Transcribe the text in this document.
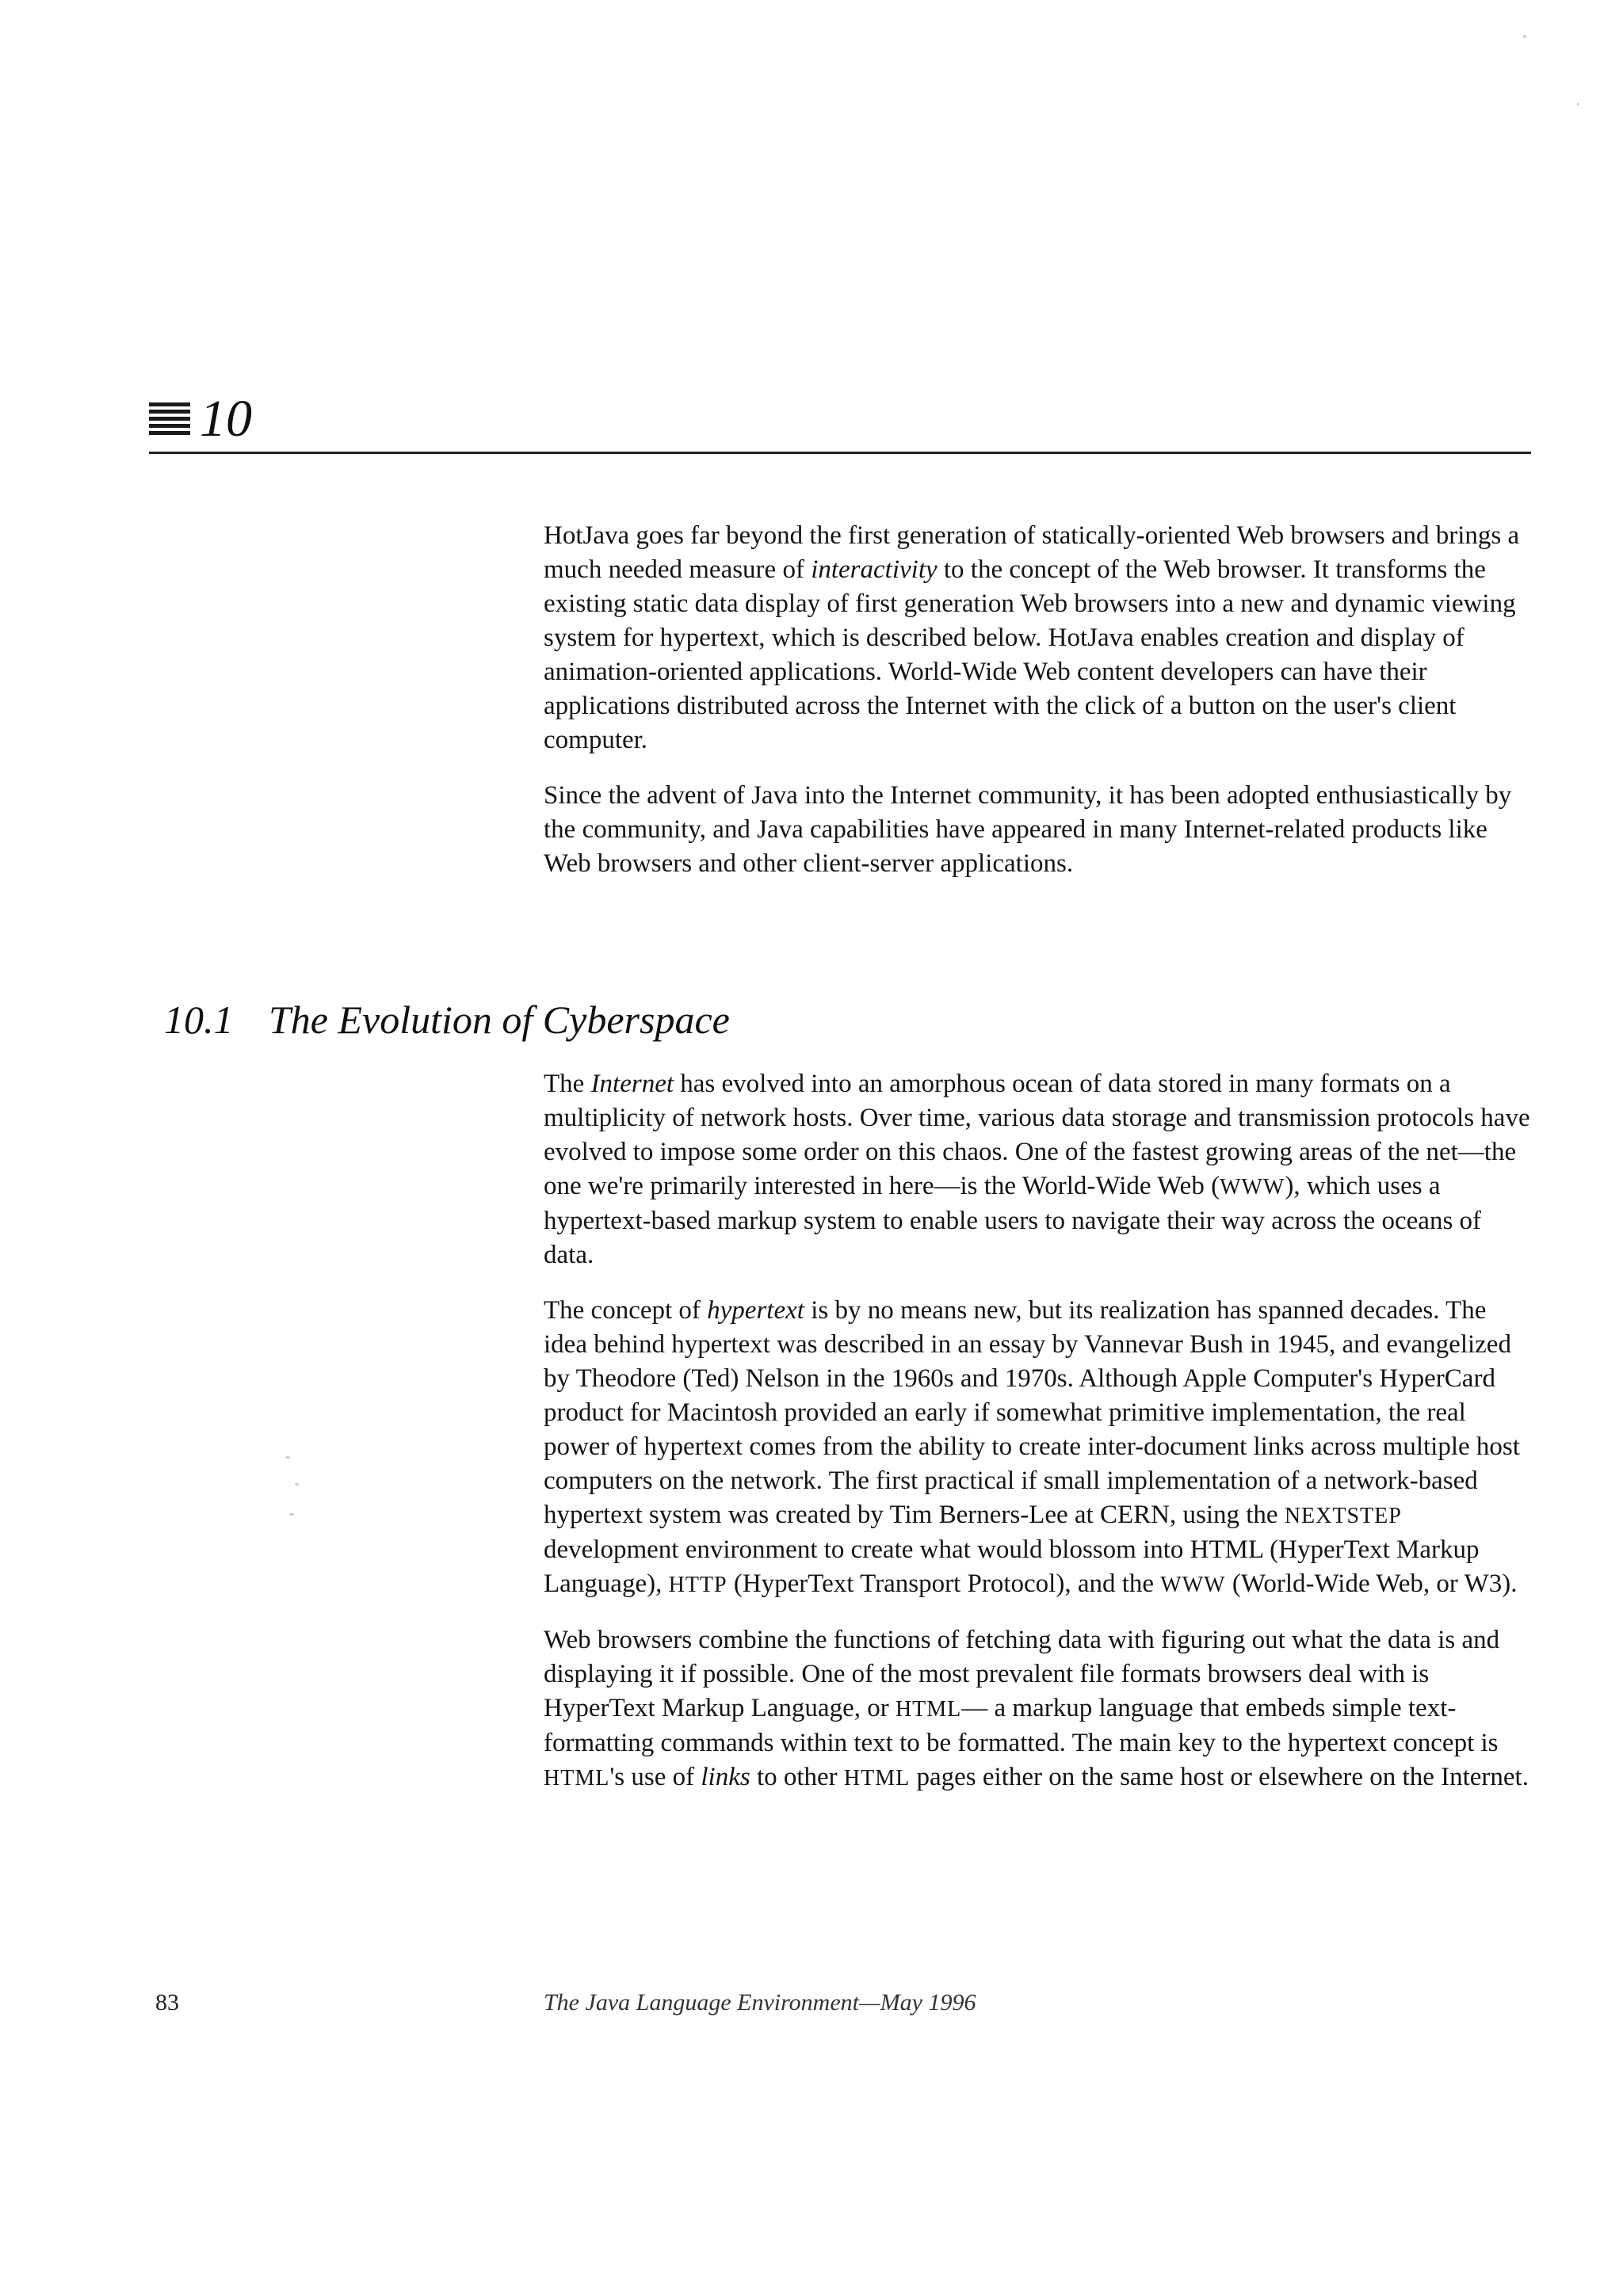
10

HotJava goes far beyond the first generation of statically-oriented Web browsers and brings a much needed measure of interactivity to the concept of the Web browser. It transforms the existing static data display of first generation Web browsers into a new and dynamic viewing system for hypertext, which is described below. HotJava enables creation and display of animation-oriented applications. World-Wide Web content developers can have their applications distributed across the Internet with the click of a button on the user's client computer.

Since the advent of Java into the Internet community, it has been adopted enthusiastically by the community, and Java capabilities have appeared in many Internet-related products like Web browsers and other client-server applications.

10.1 The Evolution of Cyberspace

The Internet has evolved into an amorphous ocean of data stored in many formats on a multiplicity of network hosts. Over time, various data storage and transmission protocols have evolved to impose some order on this chaos. One of the fastest growing areas of the net—the one we're primarily interested in here—is the World-Wide Web (WWW), which uses a hypertext-based markup system to enable users to navigate their way across the oceans of data.

The concept of hypertext is by no means new, but its realization has spanned decades. The idea behind hypertext was described in an essay by Vannevar Bush in 1945, and evangelized by Theodore (Ted) Nelson in the 1960s and 1970s. Although Apple Computer's HyperCard product for Macintosh provided an early if somewhat primitive implementation, the real power of hypertext comes from the ability to create inter-document links across multiple host computers on the network. The first practical if small implementation of a network-based hypertext system was created by Tim Berners-Lee at CERN, using the NEXTSTEP development environment to create what would blossom into HTML (HyperText Markup Language), HTTP (HyperText Transport Protocol), and the WWW (World-Wide Web, or W3).

Web browsers combine the functions of fetching data with figuring out what the data is and displaying it if possible. One of the most prevalent file formats browsers deal with is HyperText Markup Language, or HTML— a markup language that embeds simple text-formatting commands within text to be formatted. The main key to the hypertext concept is HTML's use of links to other HTML pages either on the same host or elsewhere on the Internet.

83	The Java Language Environment—May 1996
